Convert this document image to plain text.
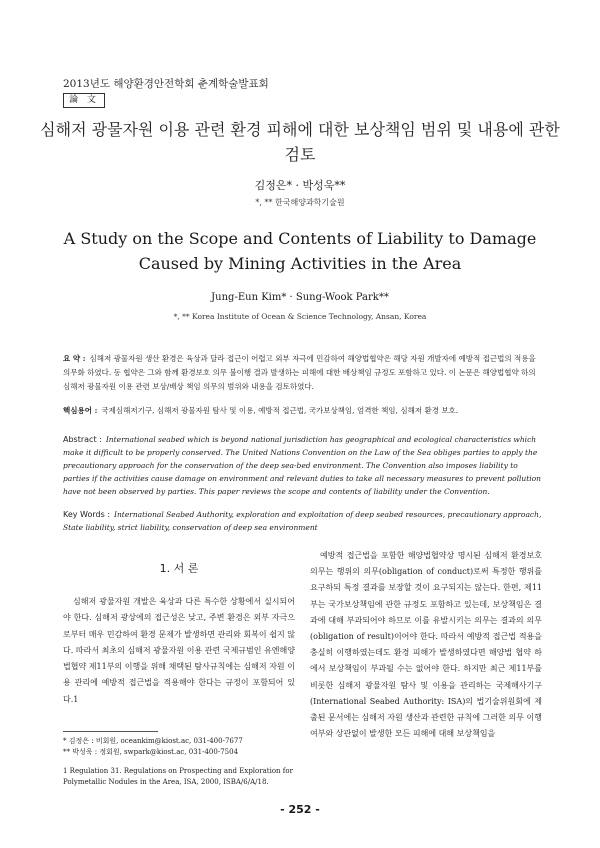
2013년도 해양환경안전학회 춘계학술발표회
論 文
심해저 광물자원 이용 관련 환경 피해에 대한 보상책임 범위 및 내용에 관한 검토
김정은* · 박성욱**
*, ** 한국해양과학기술원
A Study on the Scope and Contents of Liability to Damage Caused by Mining Activities in the Area
Jung-Eun Kim* · Sung-Wook Park**
*, ** Korea Institute of Ocean & Science Technology, Ansan, Korea
요 약 : 심해저 광물자원 생산 환경은 육상과 달라 접근이 어렵고 외부 자극에 민감하여 해양법협약은 해당 자원 개발자에 예방적 접근법의 적용을 의무화 하였다. 동 협약은 그와 함께 환경보호 의무 불이행 결과 발생하는 피해에 대한 배상책임 규정도 포함하고 있다. 이 논문은 해양법협약 하의 심해저 광물자원 이용 관련 보상/배상 책임 의무의 범위와 내용을 검토하였다.
핵심용어 : 국제심해저기구, 심해저 광물자원 탐사 및 이용, 예방적 접근법, 국가보상책임, 엄격한 책임, 심해저 환경 보호.
Abstract : International seabed which is beyond national jurisdiction has geographical and ecological characteristics which make it difficult to be properly conserved. The United Nations Convention on the Law of the Sea obliges parties to apply the precautionary approach for the conservation of the deep sea-bed environment. The Convention also imposes liability to parties if the activities cause damage on environment and relevant duties to take all necessary measures to prevent pollution have not been observed by parties. This paper reviews the scope and contents of liability under the Convention.
Key Words : International Seabed Authority, exploration and exploitation of deep seabed resources, precautionary approach, State liability, strict liability, conservation of deep sea environment
1. 서 론

심해저 광물자원 개발은 육상과 다른 특수한 상황에서 실시되어야 한다. 심해저 광상에의 접근성은 낮고, 주변 환경은 외부 자극으로부터 매우 민감하여 환경 문제가 발생하면 관리와 회복이 쉽지 않다. 따라서 최초의 심해저 광물자원 이용 관련 국제규범인 유엔해양법협약 제11부의 이행을 위해 채택된 탐사규칙에는 심해저 자원 이용 관리에 예방적 접근법을 적용해야 한다는 규정이 포함되어 있다.1

예방적 접근법을 포함한 해양법협약상 명시된 심해저 환경보호 의무는 행위의 의무(obligation of conduct)로써 특정한 행위를 요구하되 특정 결과를 보장할 것이 요구되지는 않는다. 한편, 제11부는 국가보상책임에 관한 규정도 포함하고 있는데, 보상책임은 결과에 대해 부과되어야 하므로 이를 유발시키는 의무는 결과의 의무(obligation of result)이어야 한다. 따라서 예방적 접근법 적용을 충실히 이행하였는데도 환경 피해가 발생하였다면 해양법 협약 하에서 보상책임이 부과될 수는 없어야 한다. 하지만 최근 제11부를 비롯한 심해저 광물자원 탐사 및 이용을 관리하는 국제해사기구(International Seabed Authority: ISA)의 법기술위원회에 제출된 문서에는 심해저 자원 생산과 관련한 규칙에 그러한 의무 이행 여부와 상관없이 발생한 모든 피해에 대해 보상책임을

* 김정은 : 비회원, oceankim@kiost.ac, 031-400-7677
** 박성욱 : 정회원, swpark@kiost.ac, 031-400-7504
1 Regulation 31. Regulations on Prospecting and Exploration for Polymetallic Nodules in the Area, ISA, 2000, ISBA/6/A/18.
- 252 -
